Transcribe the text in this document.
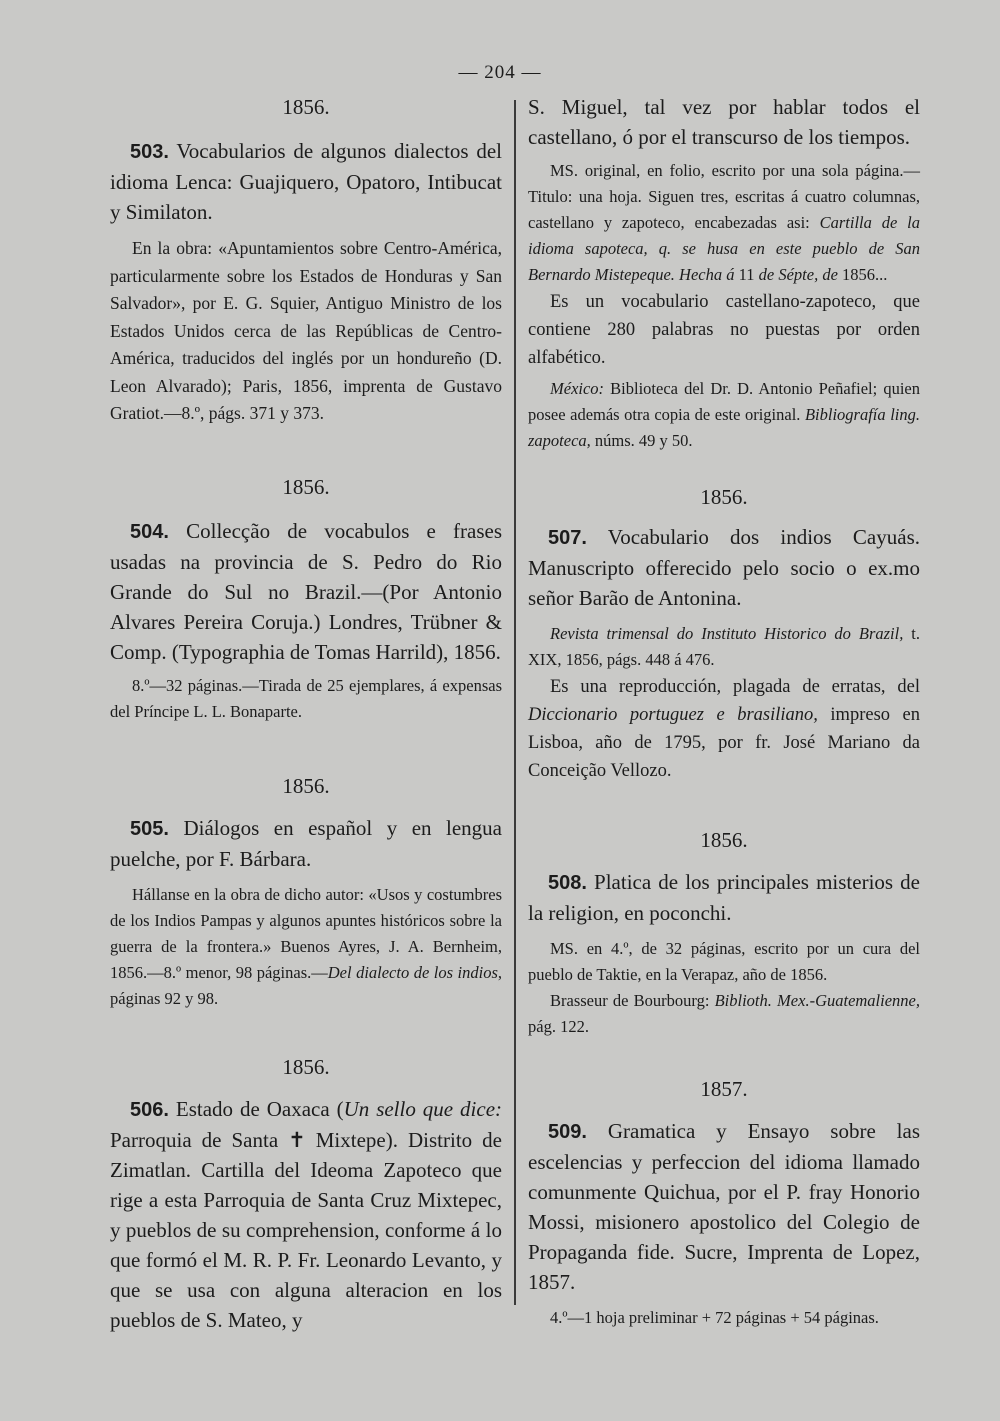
— 204 —

1856.

503. Vocabularios de algunos dialectos del idioma Lenca: Guajiquero, Opatoro, Intibucat y Similaton.

En la obra: «Apuntamientos sobre Centro-América, particularmente sobre los Estados de Honduras y San Salvador», por E. G. Squier, Antiguo Ministro de los Estados Unidos cerca de las Repúblicas de Centro-América, traducidos del inglés por un hondureño (D. Leon Alvarado); Paris, 1856, imprenta de Gustavo Gratiot.—8.º, págs. 371 y 373.

1856.

504. Collecção de vocabulos e frases usadas na provincia de S. Pedro do Rio Grande do Sul no Brazil.—(Por Antonio Alvares Pereira Coruja.) Londres, Trübner & Comp. (Typographia de Tomas Harrild), 1856.

8.º—32 páginas.—Tirada de 25 ejemplares, á expensas del Príncipe L. L. Bonaparte.

1856.

505. Diálogos en español y en lengua puelche, por F. Bárbara.

Hállanse en la obra de dicho autor: «Usos y costumbres de los Indios Pampas y algunos apuntes históricos sobre la guerra de la frontera.» Buenos Ayres, J. A. Bernheim, 1856.—8.º menor, 98 páginas.—Del dialecto de los indios, páginas 92 y 98.

1856.

506. Estado de Oaxaca (Un sello que dice: Parroquia de Santa ✝ Mixtepe). Distrito de Zimatlan. Cartilla del Ideoma Zapoteco que rige a esta Parroquia de Santa Cruz Mixtepec, y pueblos de su comprehension, conforme á lo que formó el M. R. P. Fr. Leonardo Levanto, y que se usa con alguna alteracion en los pueblos de S. Mateo, y

S. Miguel, tal vez por hablar todos el castellano, ó por el transcurso de los tiempos.

MS. original, en folio, escrito por una sola página.—Titulo: una hoja. Siguen tres, escritas á cuatro columnas, castellano y zapoteco, encabezadas asi: Cartilla de la idioma sapoteca, q. se husa en este pueblo de San Bernardo Mistepeque. Hecha á 11 de Sépte, de 1856...

Es un vocabulario castellano-zapoteco, que contiene 280 palabras no puestas por orden alfabético.

México: Biblioteca del Dr. D. Antonio Peñafiel; quien posee además otra copia de este original. Bibliografía ling. zapoteca, núms. 49 y 50.

1856.

507. Vocabulario dos indios Cayuás. Manuscripto offerecido pelo socio o ex.mo señor Barão de Antonina.

Revista trimensal do Instituto Historico do Brazil, t. XIX, 1856, págs. 448 á 476.

Es una reproducción, plagada de erratas, del Diccionario portuguez e brasiliano, impreso en Lisboa, año de 1795, por fr. José Mariano da Conceição Vellozo.

1856.

508. Platica de los principales misterios de la religion, en poconchi.

MS. en 4.º, de 32 páginas, escrito por un cura del pueblo de Taktie, en la Verapaz, año de 1856.

Brasseur de Bourbourg: Biblioth. Mex.-Guatemalienne, pág. 122.

1857.

509. Gramatica y Ensayo sobre las escelencias y perfeccion del idioma llamado comunmente Quichua, por el P. fray Honorio Mossi, misionero apostolico del Colegio de Propaganda fide. Sucre, Imprenta de Lopez, 1857.

4.º—1 hoja preliminar + 72 páginas + 54 páginas.
